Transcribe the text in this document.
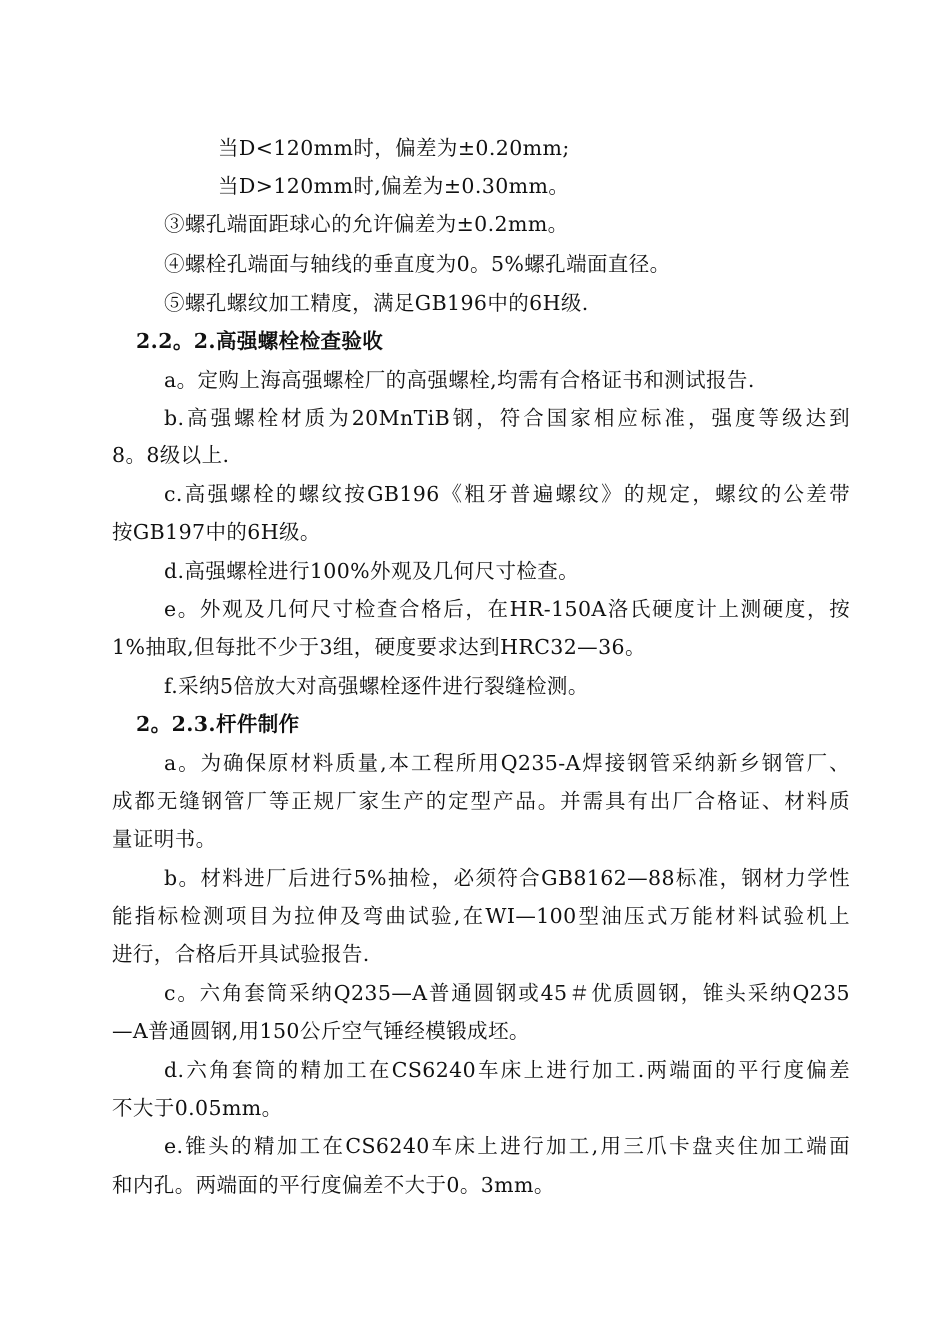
当D<120mm时，偏差为±0.20mm;
当D>120mm时,偏差为±0.30mm。
③螺孔端面距球心的允许偏差为±0.2mm。
④螺栓孔端面与轴线的垂直度为0。5%螺孔端面直径。
⑤螺孔螺纹加工精度，满足GB196中的6H级.
2.2。2.高强螺栓检查验收
a。定购上海高强螺栓厂的高强螺栓,均需有合格证书和测试报告.
b.高强螺栓材质为20MnTiB钢，符合国家相应标准，强度等级达到
8。8级以上.
c.高强螺栓的螺纹按GB196《粗牙普遍螺纹》的规定，螺纹的公差带
按GB197中的6H级。
d.高强螺栓进行100%外观及几何尺寸检查。
e。外观及几何尺寸检查合格后，在HR-150A洛氏硬度计上测硬度，按
1%抽取,但每批不少于3组，硬度要求达到HRC32—36。
f.采纳5倍放大对高强螺栓逐件进行裂缝检测。
2。2.3.杆件制作
a。为确保原材料质量,本工程所用Q235-A焊接钢管采纳新乡钢管厂、
成都无缝钢管厂等正规厂家生产的定型产品。并需具有出厂合格证、材料质
量证明书。
b。材料进厂后进行5%抽检，必须符合GB8162—88标准，钢材力学性
能指标检测项目为拉伸及弯曲试验,在WI—100型油压式万能材料试验机上
进行，合格后开具试验报告.
c。六角套筒采纳Q235—A普通圆钢或45＃优质圆钢，锥头采纳Q235
—A普通圆钢,用150公斤空气锤经模锻成坯。
d.六角套筒的精加工在CS6240车床上进行加工.两端面的平行度偏差
不大于0.05mm。
e.锥头的精加工在CS6240车床上进行加工,用三爪卡盘夹住加工端面
和内孔。两端面的平行度偏差不大于0。3mm。
